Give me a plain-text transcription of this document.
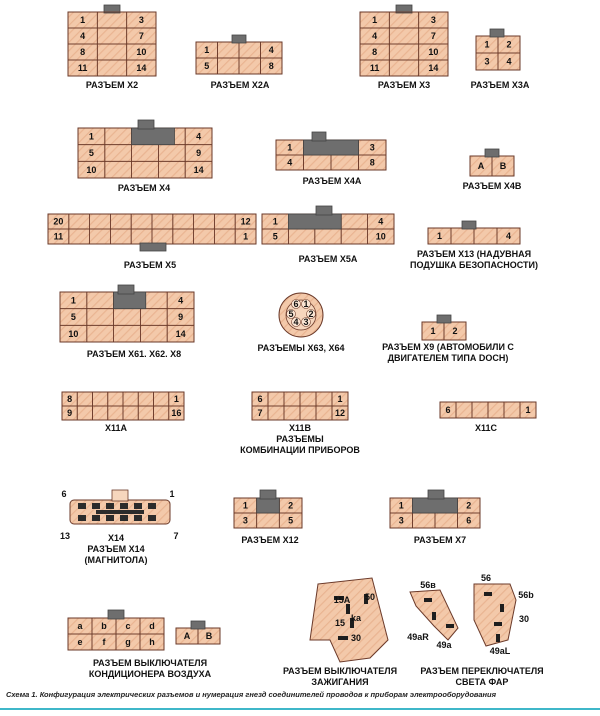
1	3
4	7
8	10
11	14
РАЗЪЕМ X2
1	4
5	8
РАЗЪЕМ X2А
1	3
4	7
8	10
11	14
РАЗЪЕМ X3
1 2
3 4
РАЗЪЕМ X3А
1	4
5	9
10	14
РАЗЪЕМ X4
1	3
4	8
РАЗЪЕМ X4А
A B
РАЗЪЕМ X4В
20	12
11	1
РАЗЪЕМ X5
1	4
5	10
РАЗЪЕМ X5А
1	4
РАЗЪЕМ X13 (НАДУВНАЯ
ПОДУШКА БЕЗОПАСНОСТИ)
1	4
5	9
10	14
РАЗЪЕМ X61. X62. X8
6 1
5 2
4 3
РАЗЪЕМЫ X63, X64
1 2
РАЗЪЕМ X9 (АВТОМОБИЛИ С
ДВИГАТЕЛЕМ ТИПА DOCH)
8	1
9	16
X11A
6	1
7	12
X11B
РАЗЪЕМЫ
КОМБИНАЦИИ ПРИБОРОВ
6	1
X11C
6	1
13	7
X14
РАЗЪЕМ X14
(МАГНИТОЛА)
1	2
3	5
РАЗЪЕМ X12
1	2
3	6
РАЗЪЕМ X7
a b c d
e f g h
A B
РАЗЪЕМ ВЫКЛЮЧАТЕЛЯ
КОНДИЦИОНЕРА ВОЗДУХА
15A 50
ka
15
30
РАЗЪЕМ ВЫКЛЮЧАТЕЛЯ
ЗАЖИГАНИЯ
56в
49a
49aR
56
56b
30
49aL
РАЗЪЕМ ПЕРЕКЛЮЧАТЕЛЯ
СВЕТА ФАР
Схема 1. Конфигурация электрических разъемов и нумерация гнезд соединителей проводов к приборам электрооборудования
